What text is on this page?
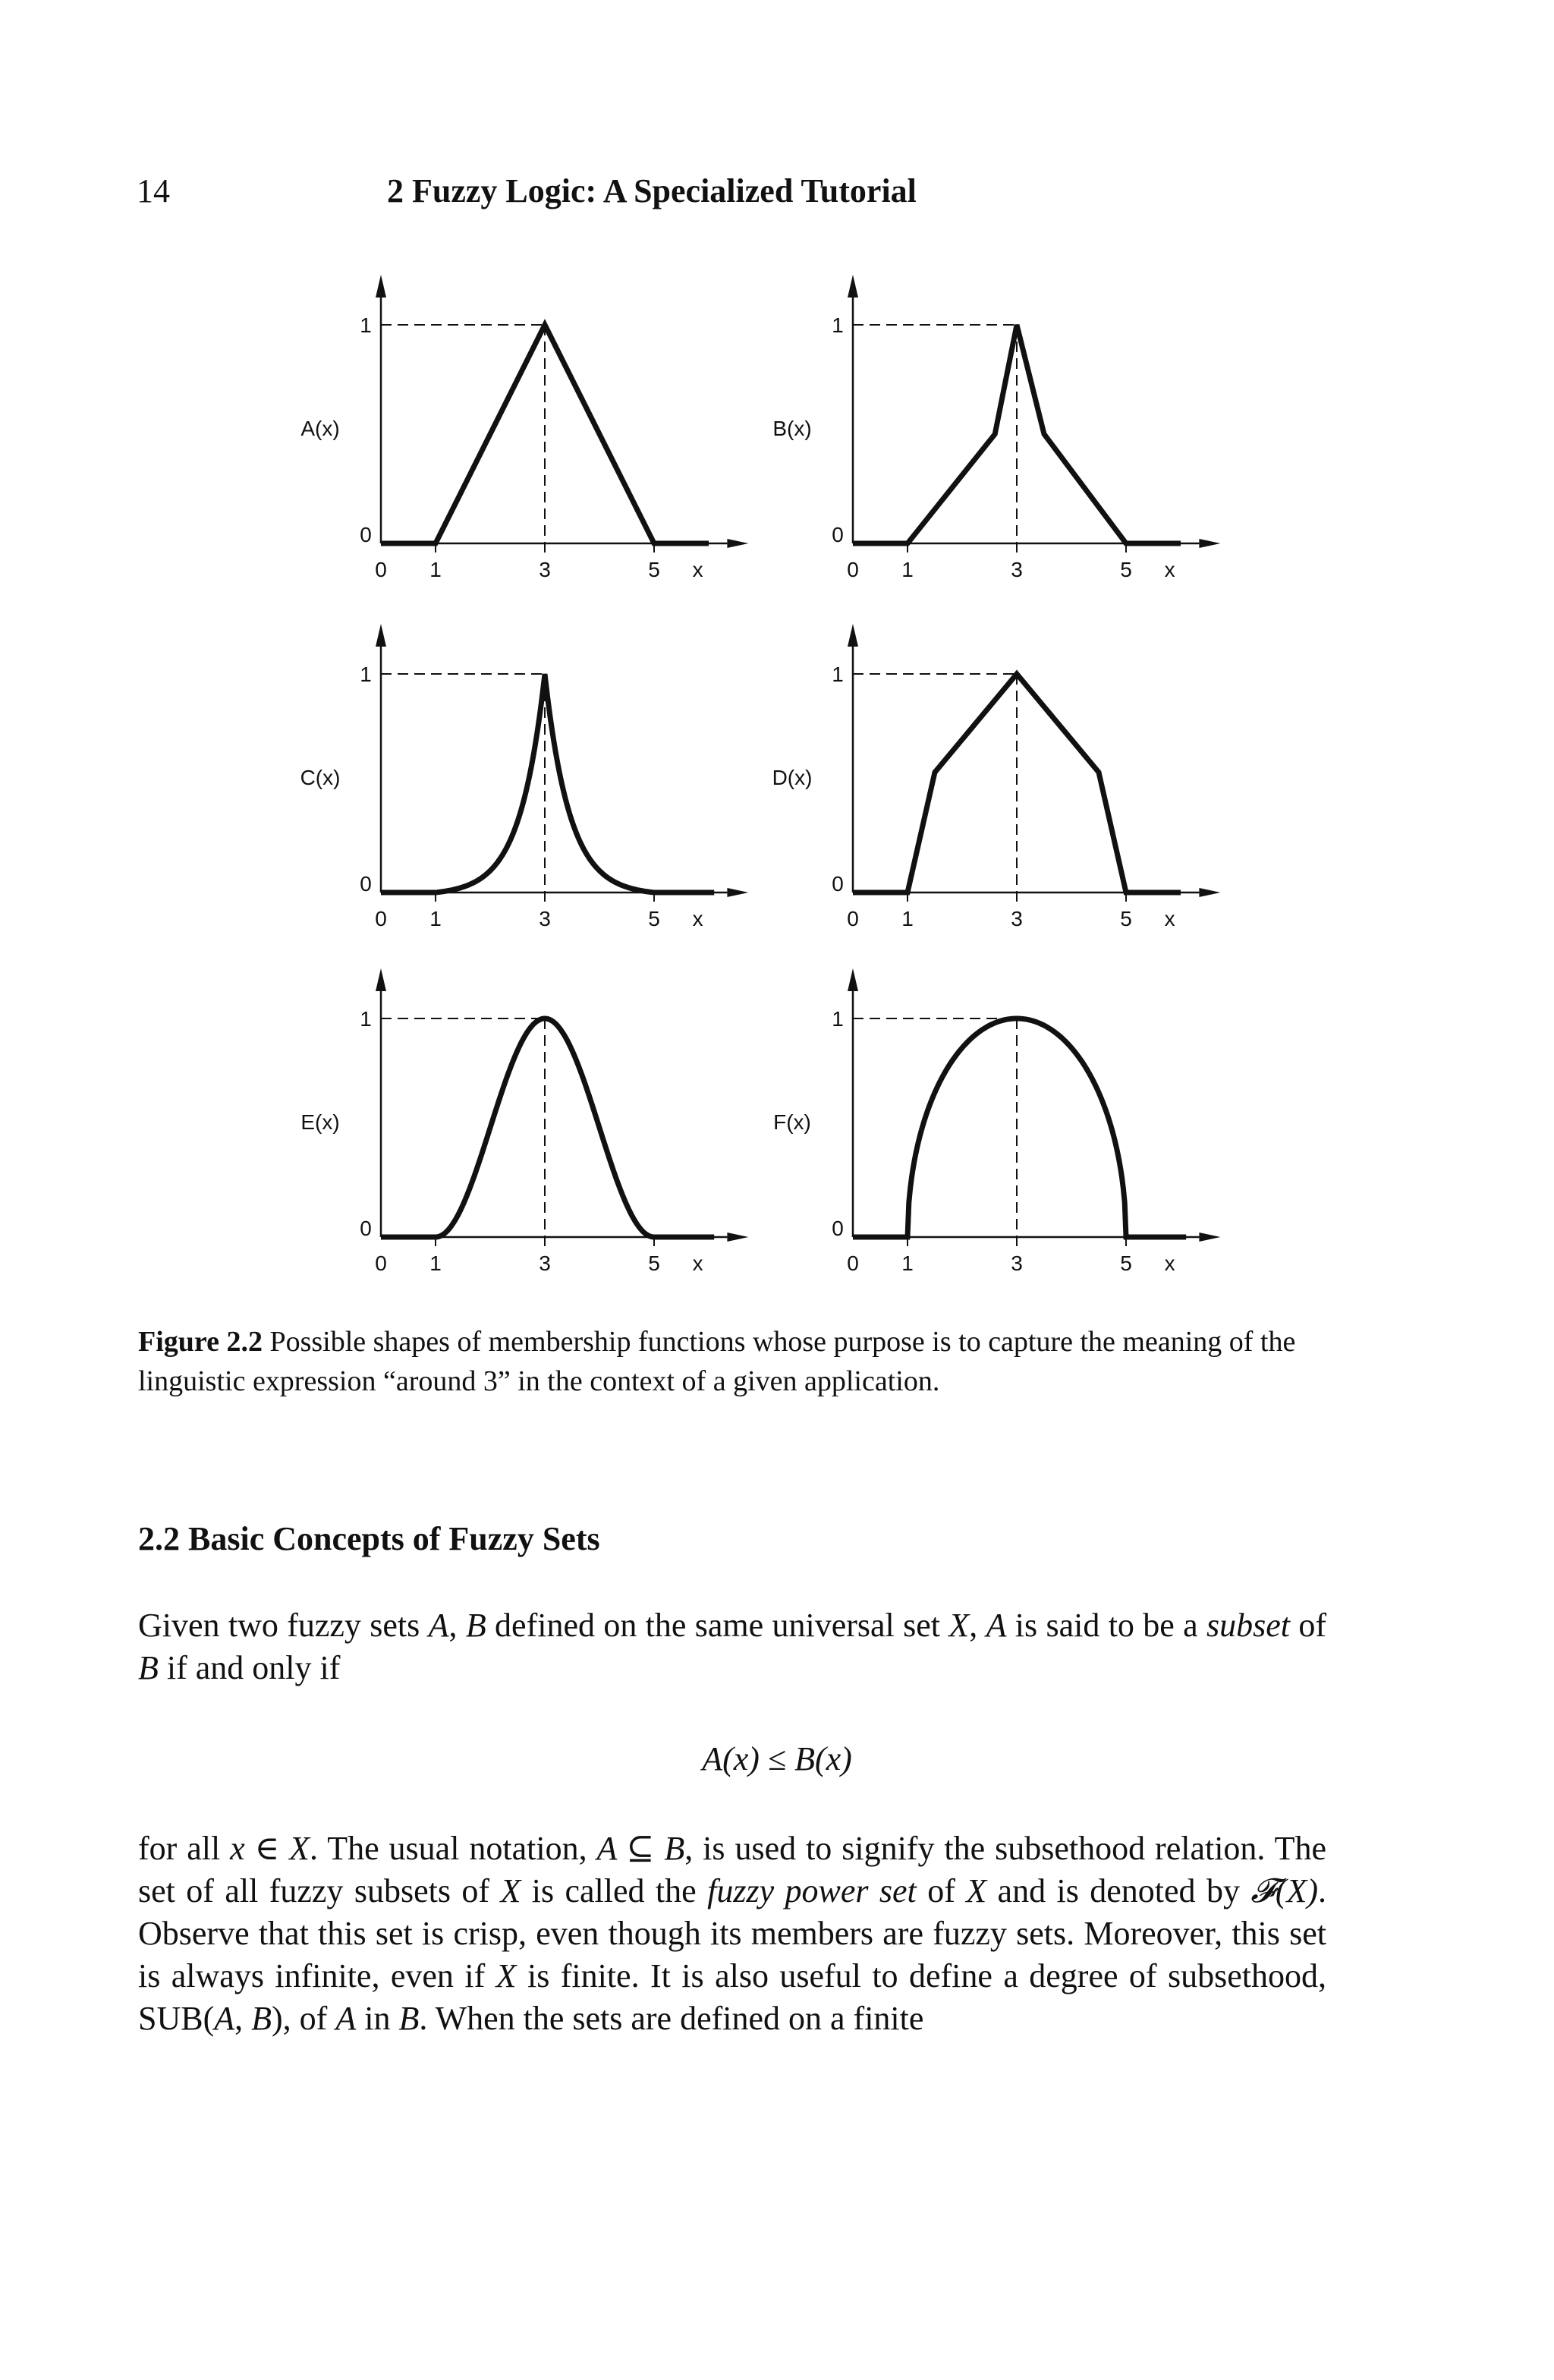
14	2 Fuzzy Logic: A Specialized Tutorial
1
0
0 1	3	5 x
A(x)
1
0
0 1	3	5 x
B(x)
1
0
0 1	3	5 x
C(x)
1
0
0 1	3	5 x
D(x)
1
0
0 1	3	5 x
E(x)
1
0
0 1	3	5 x
F(x)
Figure 2.2 Possible shapes of membership functions whose purpose is to capture the meaning of the linguistic expression “around 3” in the context of a given application.
2.2 Basic Concepts of Fuzzy Sets
Given two fuzzy sets A, B defined on the same universal set X, A is said to be a subset of B if and only if
A(x) ≤ B(x)
for all x ∈ X. The usual notation, A ⊆ B, is used to signify the subsethood relation. The set of all fuzzy subsets of X is called the fuzzy power set of X and is denoted by 𝓕(X). Observe that this set is crisp, even though its members are fuzzy sets. Moreover, this set is always infinite, even if X is finite. It is also useful to define a degree of subsethood, SUB(A, B), of A in B. When the sets are defined on a finite
